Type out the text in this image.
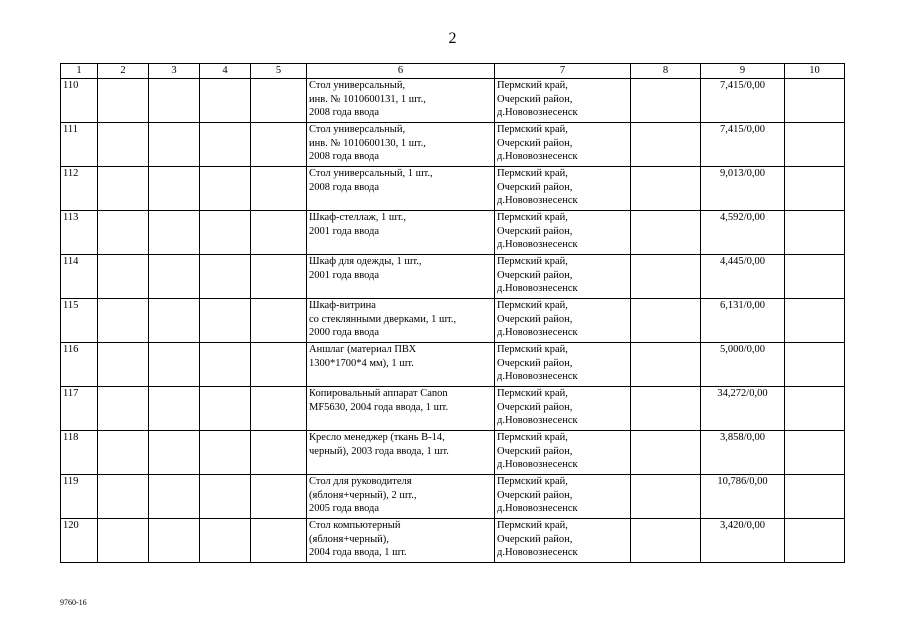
2
1	2	3	4	5	6	7	8	9	10
110					Стол универсальный,
инв. № 1010600131, 1 шт.,
2008 года ввода	Пермский край,
Очерский район,
д.Нововознесенск		7,415/0,00	
111					Стол универсальный,
инв. № 1010600130, 1 шт.,
2008 года ввода	Пермский край,
Очерский район,
д.Нововознесенск		7,415/0,00	
112					Стол универсальный, 1 шт.,
2008 года ввода	Пермский край,
Очерский район,
д.Нововознесенск		9,013/0,00	
113					Шкаф-стеллаж, 1 шт.,
2001 года ввода	Пермский край,
Очерский район,
д.Нововознесенск		4,592/0,00	
114					Шкаф для одежды, 1 шт.,
2001 года ввода	Пермский край,
Очерский район,
д.Нововознесенск		4,445/0,00	
115					Шкаф-витрина
со стеклянными дверками, 1 шт.,
2000 года ввода	Пермский край,
Очерский район,
д.Нововознесенск		6,131/0,00	
116					Аншлаг (материал ПВХ
1300*1700*4 мм), 1 шт.	Пермский край,
Очерский район,
д.Нововознесенск		5,000/0,00	
117					Копировальный аппарат Canon
MF5630, 2004 года ввода, 1 шт.	Пермский край,
Очерский район,
д.Нововознесенск		34,272/0,00	
118					Кресло менеджер (ткань В-14,
черный), 2003 года ввода, 1 шт.	Пермский край,
Очерский район,
д.Нововознесенск		3,858/0,00	
119					Стол для руководителя
(яблоня+черный), 2 шт.,
2005 года ввода	Пермский край,
Очерский район,
д.Нововознесенск		10,786/0,00	
120					Стол компьютерный
(яблоня+черный),
2004 года ввода, 1 шт.	Пермский край,
Очерский район,
д.Нововознесенск		3,420/0,00	
9760-16
